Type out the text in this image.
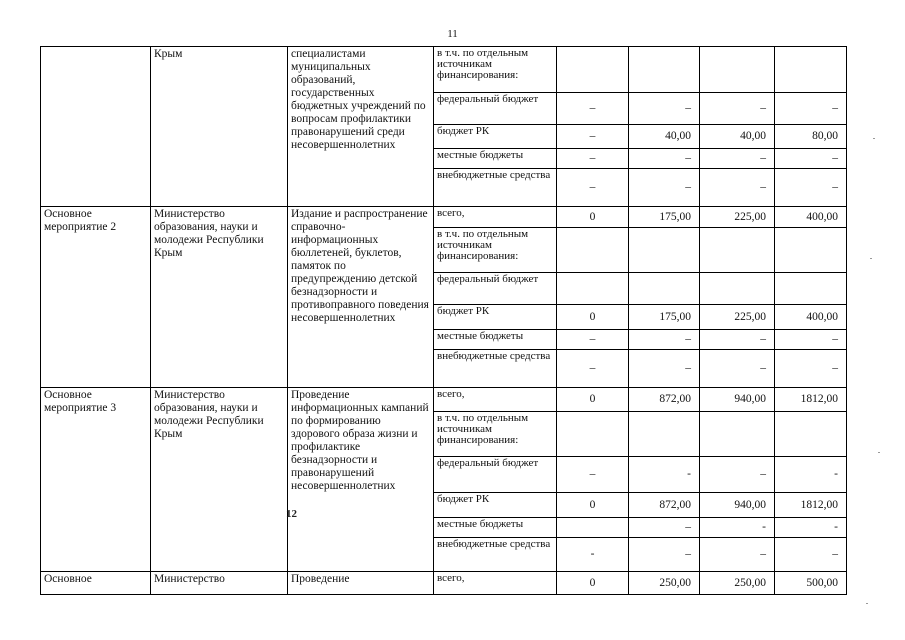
11
	Крым	специалистами муниципальных образований, государственных бюджетных учреждений по вопросам профилактики правонарушений среди несовершеннолетних	в т.ч. по отдельным источникам финансирования:				
			федеральный бюджет	–	–	–	–
			бюджет РК	–	40,00	40,00	80,00
			местные бюджеты	–	–	–	–
			внебюджетные средства	–	–	–	–
Основное мероприятие 2	Министерство образования, науки и молодежи Республики Крым	Издание и распространение справочно-информационных бюллетеней, буклетов, памяток по предупреждению детской безнадзорности и противоправного поведения несовершеннолетних	всего,	0	175,00	225,00	400,00
			в т.ч. по отдельным источникам финансирования:				
			федеральный бюджет				
			бюджет РК	0	175,00	225,00	400,00
			местные бюджеты	–	–	–	–
			внебюджетные средства	–	–	–	–
Основное мероприятие 3	Министерство образования, науки и молодежи Республики Крым	Проведение информационных кампаний по формированию здорового образа жизни и профилактике безнадзорности и правонарушений несовершеннолетних	всего,	0	872,00	940,00	1812,00
			в т.ч. по отдельным источникам финансирования:				
			федеральный бюджет	–	-	–	-
			бюджет РК	0	872,00	940,00	1812,00
			местные бюджеты		–	-	-
			внебюджетные средства	-	–	–	–
Основное	Министерство	Проведение	всего,	0	250,00	250,00	500,00
12
